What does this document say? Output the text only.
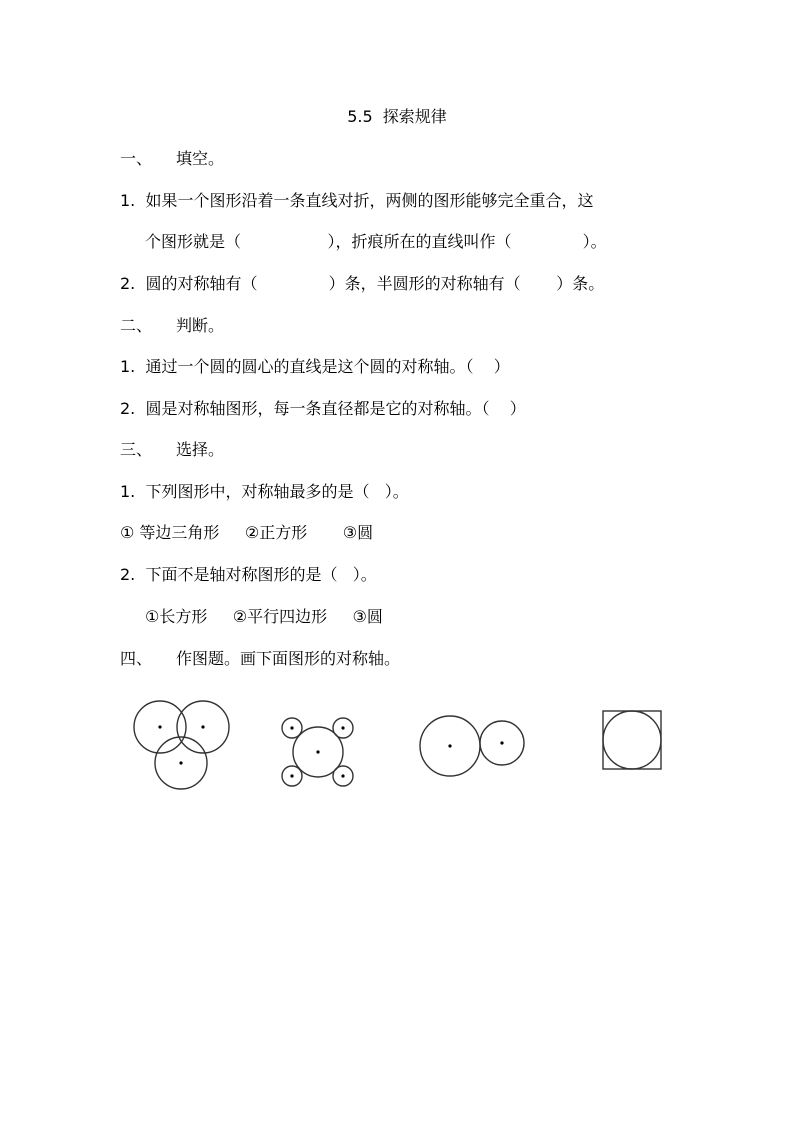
5.5  探索规律
一、 填空。
1.  如果一个图形沿着一条直线对折，两侧的图形能够完全重合，这
个图形就是（                 ），折痕所在的直线叫作（              ）。
2.  圆的对称轴有（              ）条，半圆形的对称轴有（       ）条。
二、 判断。
1.  通过一个圆的圆心的直线是这个圆的对称轴。（    ）
2.  圆是对称轴图形，每一条直径都是它的对称轴。（    ）
三、 选择。
1.  下列图形中，对称轴最多的是（   ）。
① 等边三角形     ②正方形       ③圆
2.  下面不是轴对称图形的是（   ）。
①长方形     ②平行四边形     ③圆
四、 作图题。画下面图形的对称轴。
